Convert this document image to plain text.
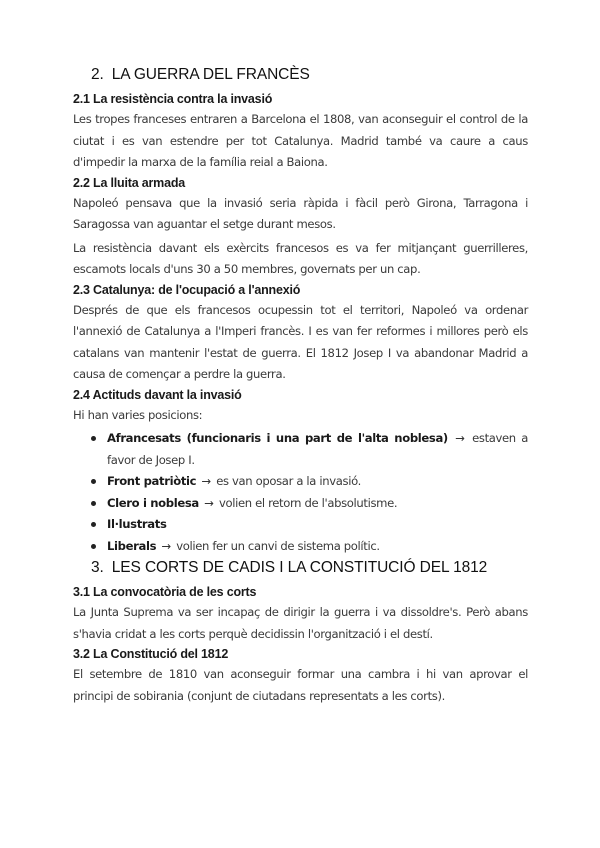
2. LA GUERRA DEL FRANCÈS
2.1 La resistència contra la invasió

Les tropes franceses entraren a Barcelona el 1808, van aconseguir el control de la ciutat i es van estendre per tot Catalunya. Madrid també va caure a caus d'impedir la marxa de la família reial a Baiona.

2.2 La lluita armada

Napoleó pensava que la invasió seria ràpida i fàcil però Girona, Tarragona i Saragossa van aguantar el setge durant mesos.

La resistència davant els exèrcits francesos es va fer mitjançant guerrilleres, escamots locals d'uns 30 a 50 membres, governats per un cap.

2.3 Catalunya: de l'ocupació a l'annexió

Després de que els francesos ocupessin tot el territori, Napoleó va ordenar l'annexió de Catalunya a l'Imperi francès. I es van fer reformes i millores però els catalans van mantenir l'estat de guerra. El 1812 Josep I va abandonar Madrid a causa de començar a perdre la guerra.

2.4 Actituds davant la invasió

Hi han varies posicions:

Afrancesats (funcionaris i una part de l'alta noblesa) → estaven a favor de Josep I.
Front patriòtic → es van oposar a la invasió.
Clero i noblesa → volien el retorn de l'absolutisme.
Il·lustrats
Liberals → volien fer un canvi de sistema polític.
3. LES CORTS DE CADIS I LA CONSTITUCIÓ DEL 1812
3.1 La convocatòria de les corts

La Junta Suprema va ser incapaç de dirigir la guerra i va dissoldre's. Però abans s'havia cridat a les corts perquè decidissin l'organització i el destí.

3.2 La Constitució del 1812

El setembre de 1810 van aconseguir formar una cambra i hi van aprovar el principi de sobirania (conjunt de ciutadans representats a les corts).
